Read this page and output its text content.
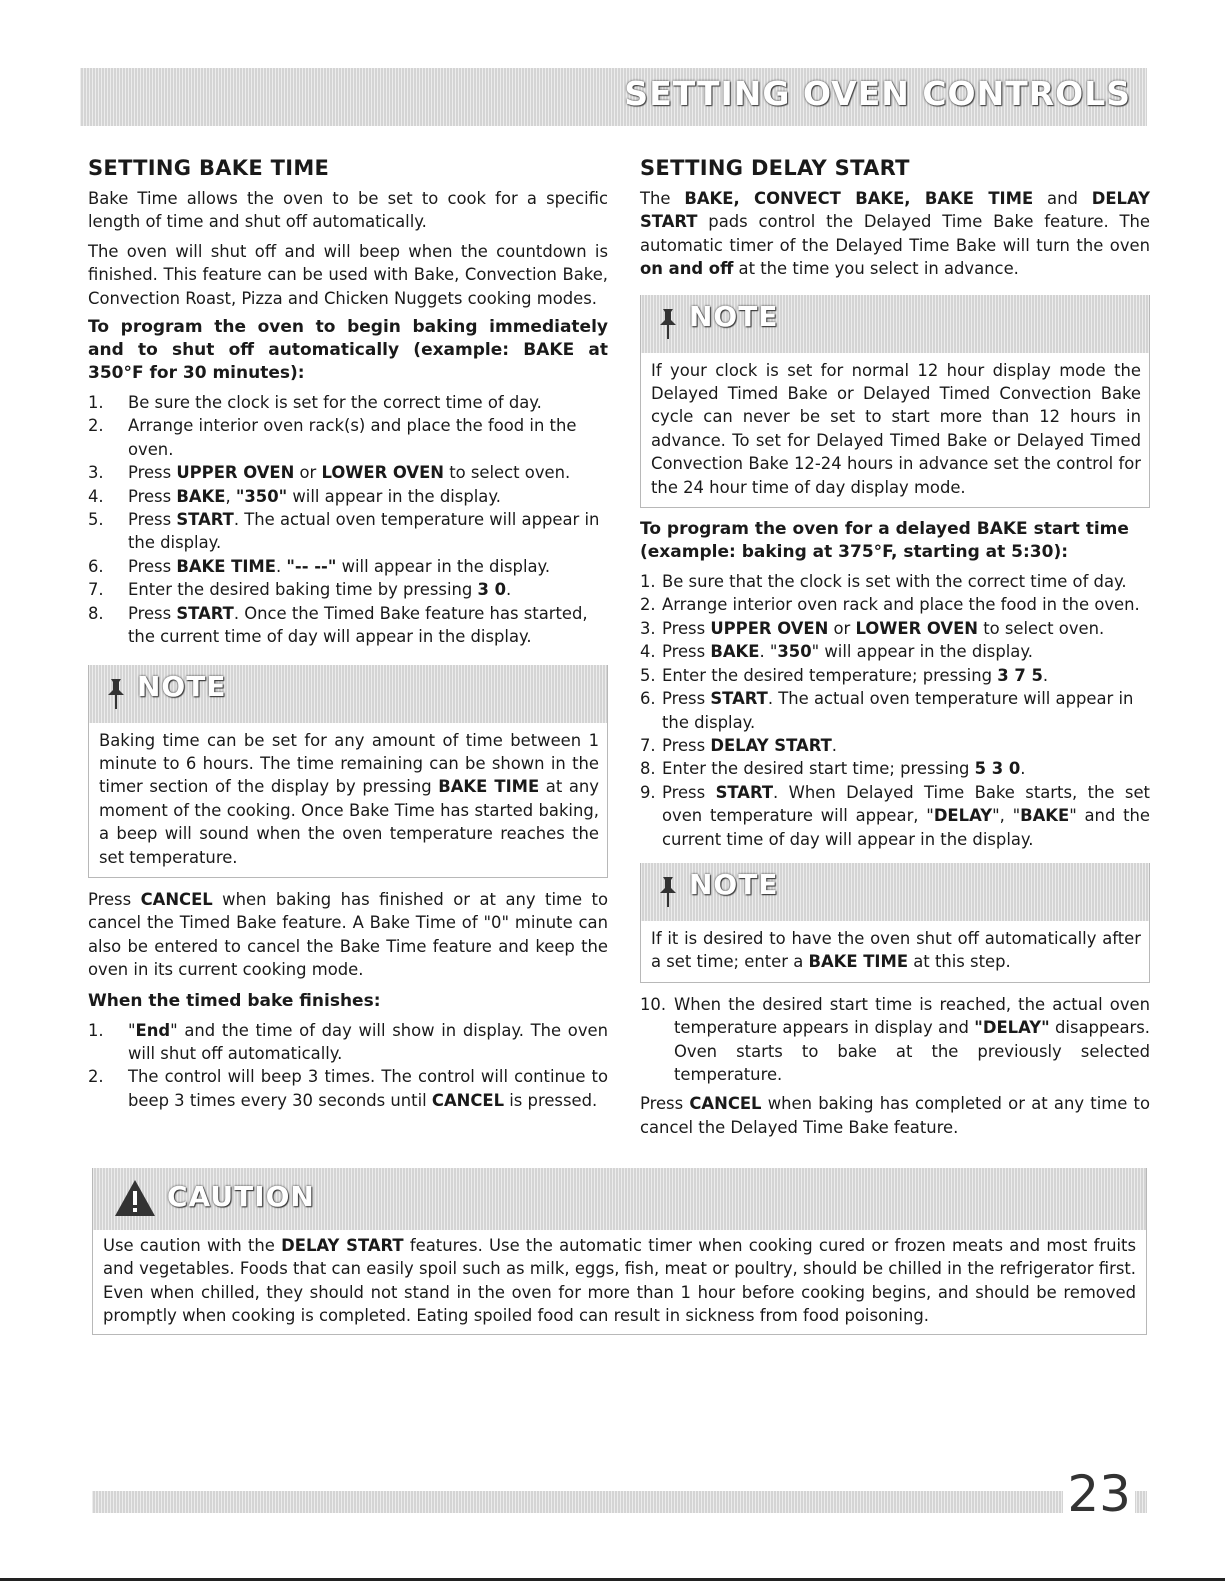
SETTING OVEN CONTROLS
SETTING BAKE TIME

Bake Time allows the oven to be set to cook for a specific length of time and shut off automatically.

The oven will shut off and will beep when the countdown is finished. This feature can be used with Bake, Convection Bake, Convection Roast, Pizza and Chicken Nuggets cooking modes.

To program the oven to begin baking immediately and to shut off automatically (example: BAKE at 350°F for 30 minutes):
1.	Be sure the clock is set for the correct time of day.
2.	Arrange interior oven rack(s) and place the food in the oven.
3.	Press UPPER OVEN or LOWER OVEN to select oven.
4.	Press BAKE, "350" will appear in the display.
5.	Press START. The actual oven temperature will appear in the display.
6.	Press BAKE TIME. "-- --" will appear in the display.
7.	Enter the desired baking time by pressing 3 0.
8.	Press START. Once the Timed Bake feature has started, the current time of day will appear in the display.
NOTE
Baking time can be set for any amount of time between 1 minute to 6 hours. The time remaining can be shown in the timer section of the display by pressing BAKE TIME at any moment of the cooking. Once Bake Time has started baking, a beep will sound when the oven temperature reaches the set temperature.

Press CANCEL when baking has finished or at any time to cancel the Timed Bake feature. A Bake Time of "0" minute can also be entered to cancel the Bake Time feature and keep the oven in its current cooking mode.

When the timed bake finishes:
1.	"End" and the time of day will show in display. The oven will shut off automatically.
2.	The control will beep 3 times. The control will continue to beep 3 times every 30 seconds until CANCEL is pressed.
SETTING DELAY START

The BAKE, CONVECT BAKE, BAKE TIME and DELAY START pads control the Delayed Time Bake feature. The automatic timer of the Delayed Time Bake will turn the oven on and off at the time you select in advance.

NOTE
If your clock is set for normal 12 hour display mode the Delayed Timed Bake or Delayed Timed Convection Bake cycle can never be set to start more than 12 hours in advance. To set for Delayed Timed Bake or Delayed Timed Convection Bake 12-24 hours in advance set the control for the 24 hour time of day display mode.
To program the oven for a delayed BAKE start time (example: baking at 375°F, starting at 5:30):
1. Be sure that the clock is set with the correct time of day.
2. Arrange interior oven rack and place the food in the oven.
3. Press UPPER OVEN or LOWER OVEN to select oven.
4. Press BAKE. "350" will appear in the display.
5. Enter the desired temperature; pressing 3 7 5.
6. Press START. The actual oven temperature will appear in the display.
7. Press DELAY START.
8. Enter the desired start time; pressing 5 3 0.
9. Press START. When Delayed Time Bake starts, the set oven temperature will appear, "DELAY", "BAKE" and the current time of day will appear in the display.
NOTE
If it is desired to have the oven shut off automatically after a set time; enter a BAKE TIME at this step.
10. When the desired start time is reached, the actual oven temperature appears in display and "DELAY" disappears. Oven starts to bake at the previously selected temperature.

Press CANCEL when baking has completed or at any time to cancel the Delayed Time Bake feature.

CAUTION
Use caution with the DELAY START features. Use the automatic timer when cooking cured or frozen meats and most fruits and vegetables. Foods that can easily spoil such as milk, eggs, fish, meat or poultry, should be chilled in the refrigerator first. Even when chilled, they should not stand in the oven for more than 1 hour before cooking begins, and should be removed promptly when cooking is completed. Eating spoiled food can result in sickness from food poisoning.
23
